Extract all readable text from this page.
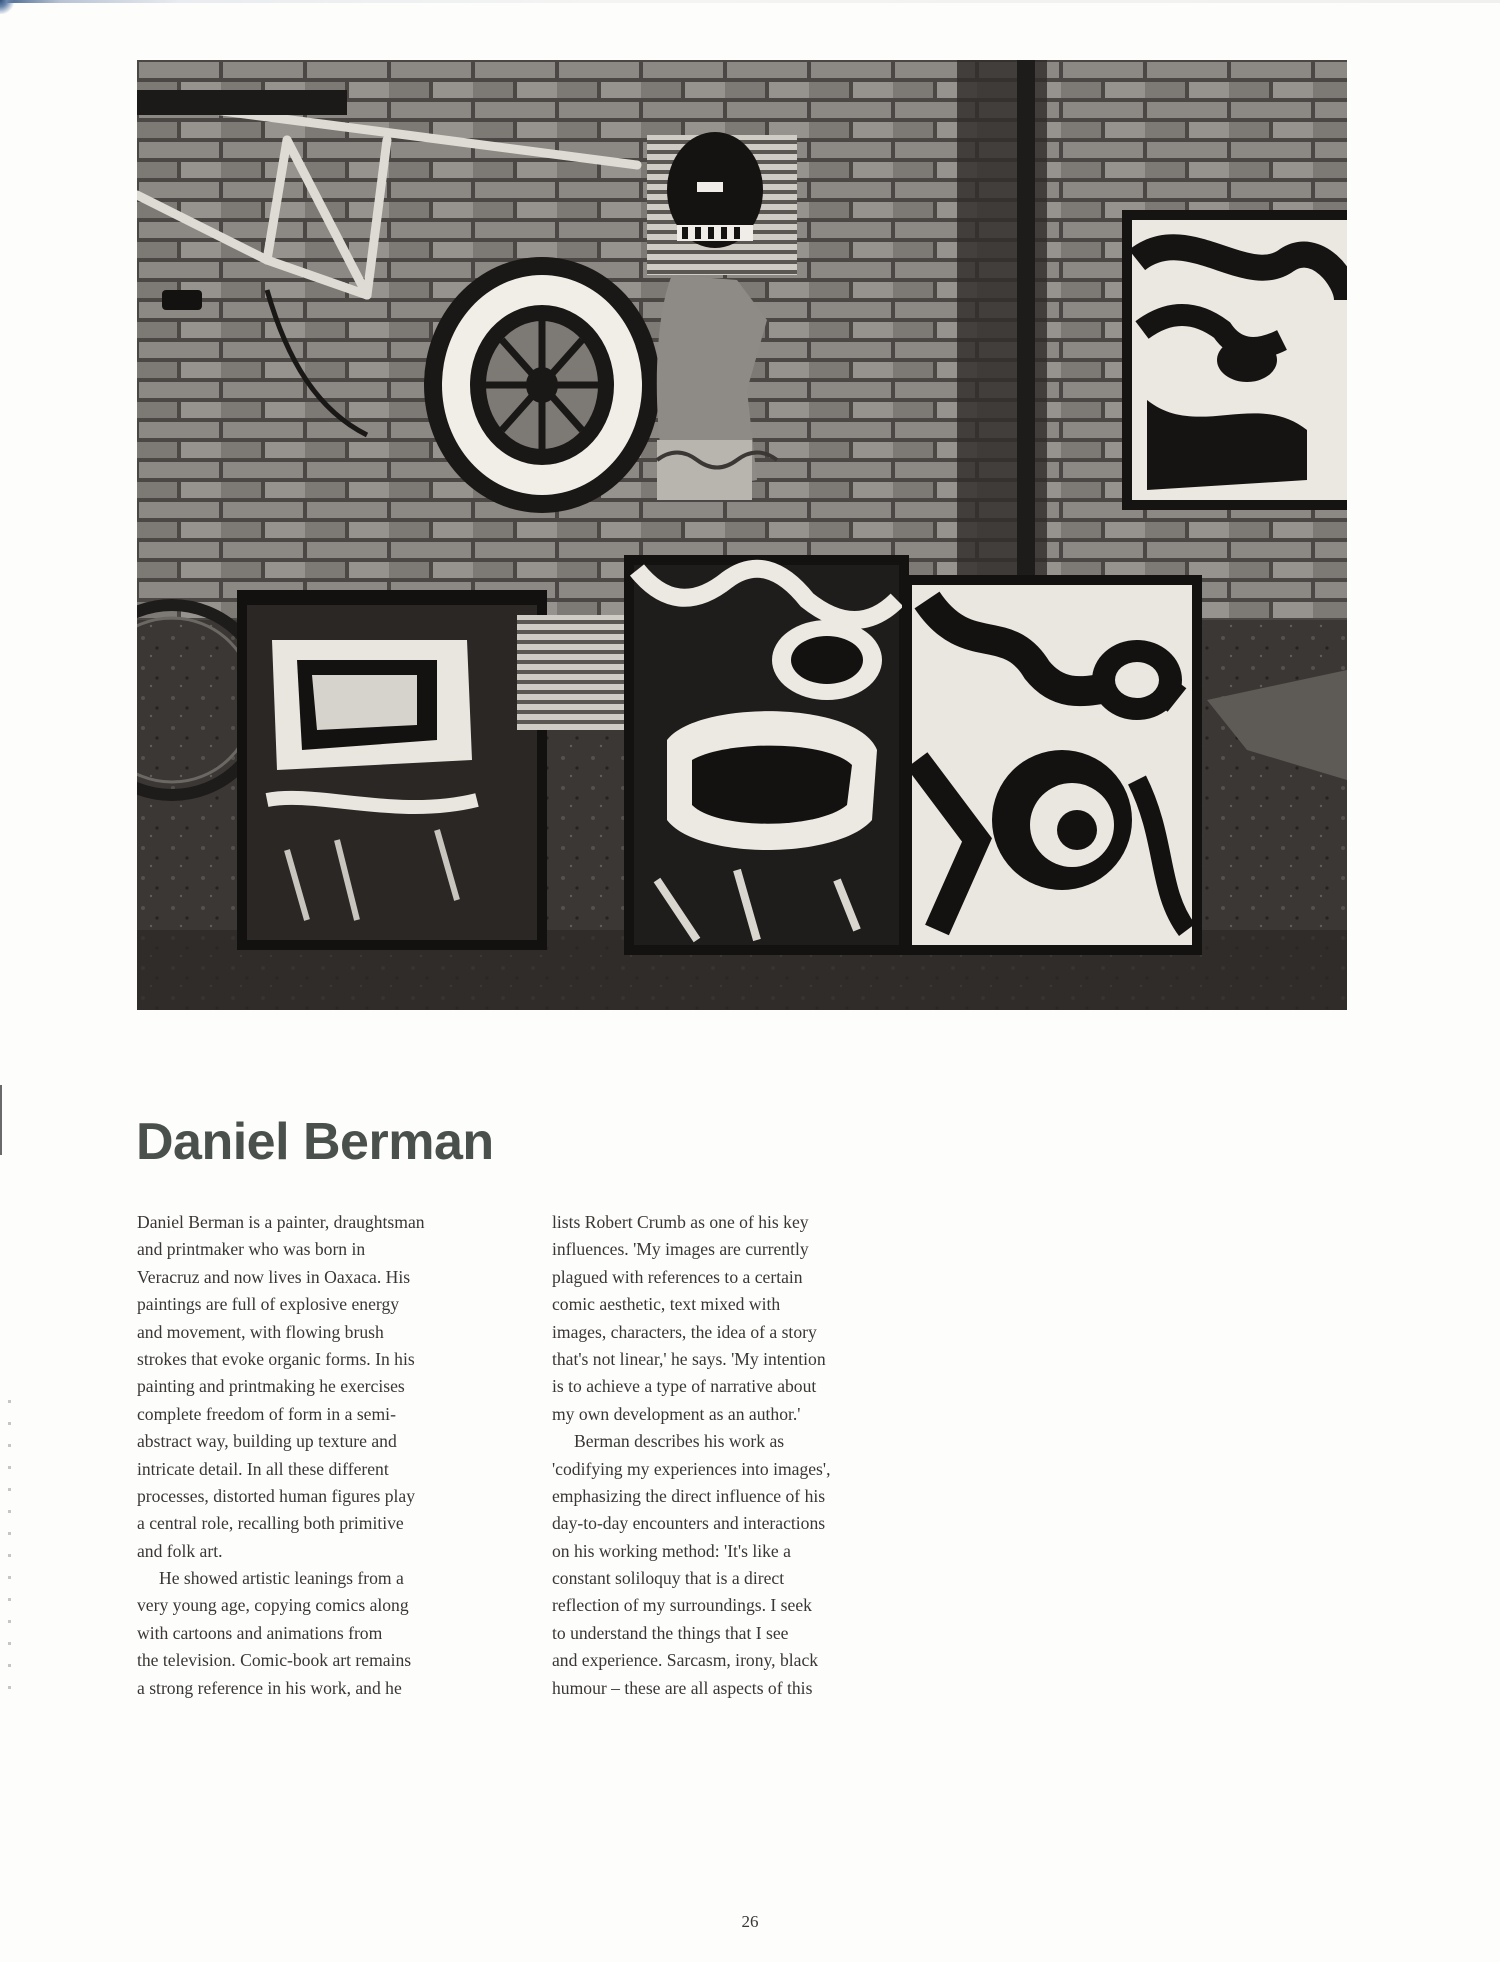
Daniel Berman
Daniel Berman is a painter, draughtsman
and printmaker who was born in
Veracruz and now lives in Oaxaca. His
paintings are full of explosive energy
and movement, with flowing brush
strokes that evoke organic forms. In his
painting and printmaking he exercises
complete freedom of form in a semi-
abstract way, building up texture and
intricate detail. In all these different
processes, distorted human figures play
a central role, recalling both primitive
and folk art.
He showed artistic leanings from a
very young age, copying comics along
with cartoons and animations from
the television. Comic-book art remains
a strong reference in his work, and he
lists Robert Crumb as one of his key
influences. 'My images are currently
plagued with references to a certain
comic aesthetic, text mixed with
images, characters, the idea of a story
that's not linear,' he says. 'My intention
is to achieve a type of narrative about
my own development as an author.'
Berman describes his work as
'codifying my experiences into images',
emphasizing the direct influence of his
day-to-day encounters and interactions
on his working method: 'It's like a
constant soliloquy that is a direct
reflection of my surroundings. I seek
to understand the things that I see
and experience. Sarcasm, irony, black
humour – these are all aspects of this
26
